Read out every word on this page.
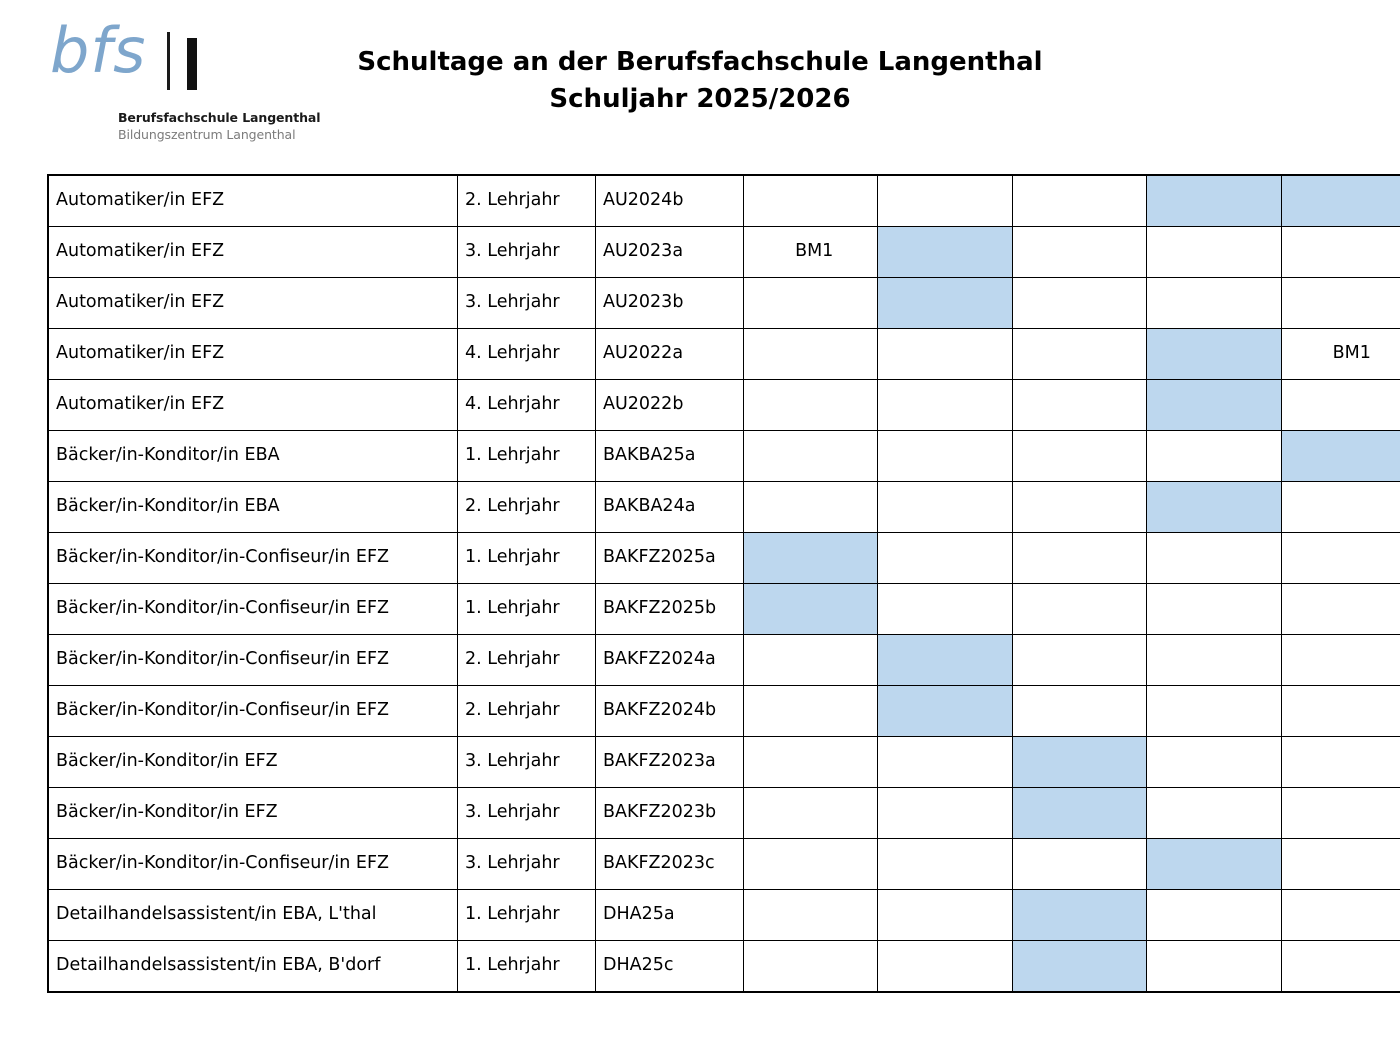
bfs
Berufsfachschule Langenthal
Bildungszentrum Langenthal
Schultage an der Berufsfachschule Langenthal
Schuljahr 2025/2026
Automatiker/in EFZ	2. Lehrjahr	AU2024b	

Automatiker/in EFZ	3. Lehrjahr	AU2023a	BM1				

Automatiker/in EFZ	3. Lehrjahr	AU2023b	

Automatiker/in EFZ	4. Lehrjahr	AU2022a					BM1

Automatiker/in EFZ	4. Lehrjahr	AU2022b	

Bäcker/in-Konditor/in EBA	1. Lehrjahr	BAKBA25a	

Bäcker/in-Konditor/in EBA	2. Lehrjahr	BAKBA24a	

Bäcker/in-Konditor/in-Confiseur/in EFZ	1. Lehrjahr	BAKFZ2025a	

Bäcker/in-Konditor/in-Confiseur/in EFZ	1. Lehrjahr	BAKFZ2025b	

Bäcker/in-Konditor/in-Confiseur/in EFZ	2. Lehrjahr	BAKFZ2024a	

Bäcker/in-Konditor/in-Confiseur/in EFZ	2. Lehrjahr	BAKFZ2024b	

Bäcker/in-Konditor/in EFZ	3. Lehrjahr	BAKFZ2023a	

Bäcker/in-Konditor/in EFZ	3. Lehrjahr	BAKFZ2023b	

Bäcker/in-Konditor/in-Confiseur/in EFZ	3. Lehrjahr	BAKFZ2023c	

Detailhandelsassistent/in EBA, L'thal	1. Lehrjahr	DHA25a	

Detailhandelsassistent/in EBA, B'dorf	1. Lehrjahr	DHA25c	
